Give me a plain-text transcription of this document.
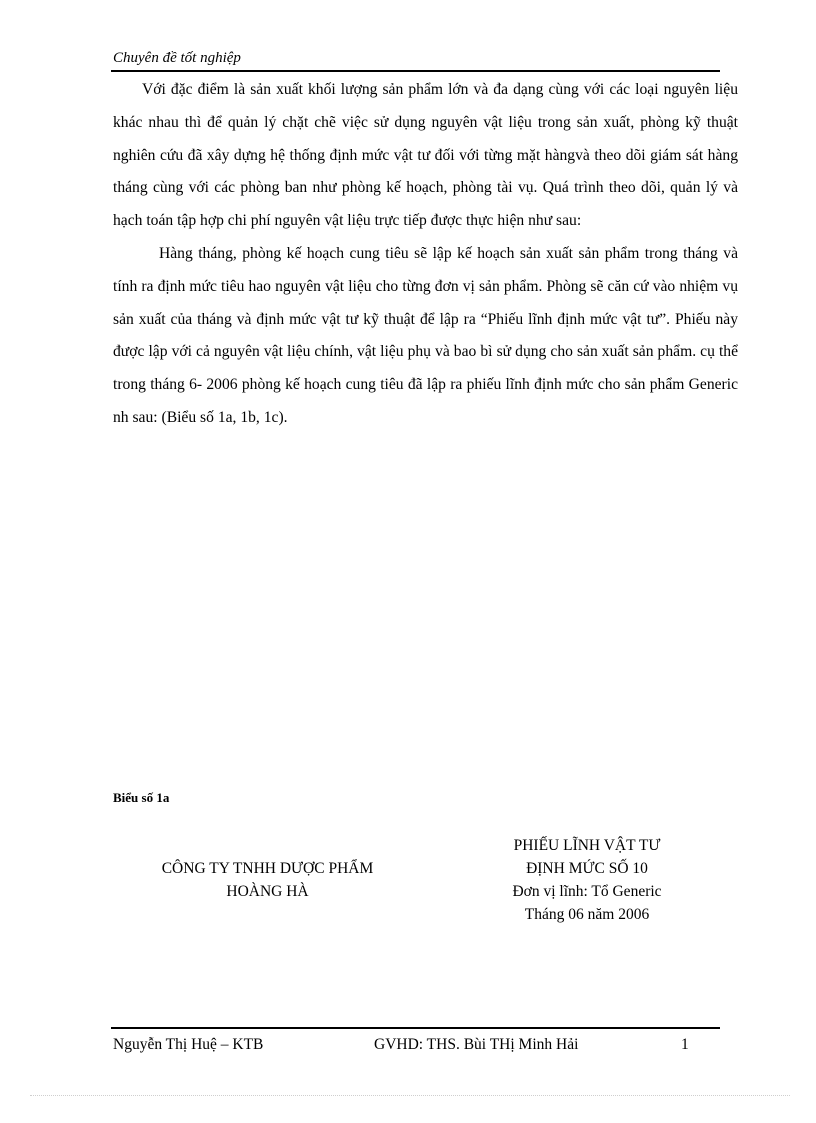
Chuyên đề tốt nghiệp

Với đặc điểm là sản xuất khối lượng sản phẩm lớn và đa dạng cùng với các loại nguyên liệu khác nhau thì để quản lý chặt chẽ việc sử dụng nguyên vật liệu trong sản xuất, phòng kỹ thuật nghiên cứu đã xây dựng hệ thống định mức vật tư đối với từng mặt hàngvà theo dõi giám sát hàng tháng cùng với các phòng ban như phòng kế hoạch, phòng tài vụ. Quá trình theo dõi, quản lý và hạch toán tập hợp chi phí nguyên vật liệu trực tiếp được thực hiện như sau:

Hàng tháng, phòng kế hoạch cung tiêu sẽ lập kế hoạch sản xuất sản phẩm trong tháng và tính ra định mức tiêu hao nguyên vật liệu cho từng đơn vị sản phẩm. Phòng sẽ căn cứ vào nhiệm vụ sản xuất của tháng và định mức vật tư kỹ thuật để lập ra “Phiếu lĩnh định mức vật tư”. Phiếu này được lập với cả nguyên vật liệu chính, vật liệu phụ và bao bì sử dụng cho sản xuất sản phẩm. cụ thể trong tháng 6- 2006 phòng kế hoạch cung tiêu đã lập ra phiếu lĩnh định mức cho sản phẩm Generic nh sau: (Biểu số 1a, 1b, 1c).

Biểu số 1a
CÔNG TY TNHH DƯỢC PHẨM
HOÀNG HÀ
PHIẾU LĨNH VẬT TƯ
ĐỊNH MỨC SỐ 10
Đơn vị lĩnh: Tổ Generic
Tháng 06 năm 2006
Nguyễn Thị Huệ – KTB	GVHD: THS. Bùi THị Minh Hải	1
